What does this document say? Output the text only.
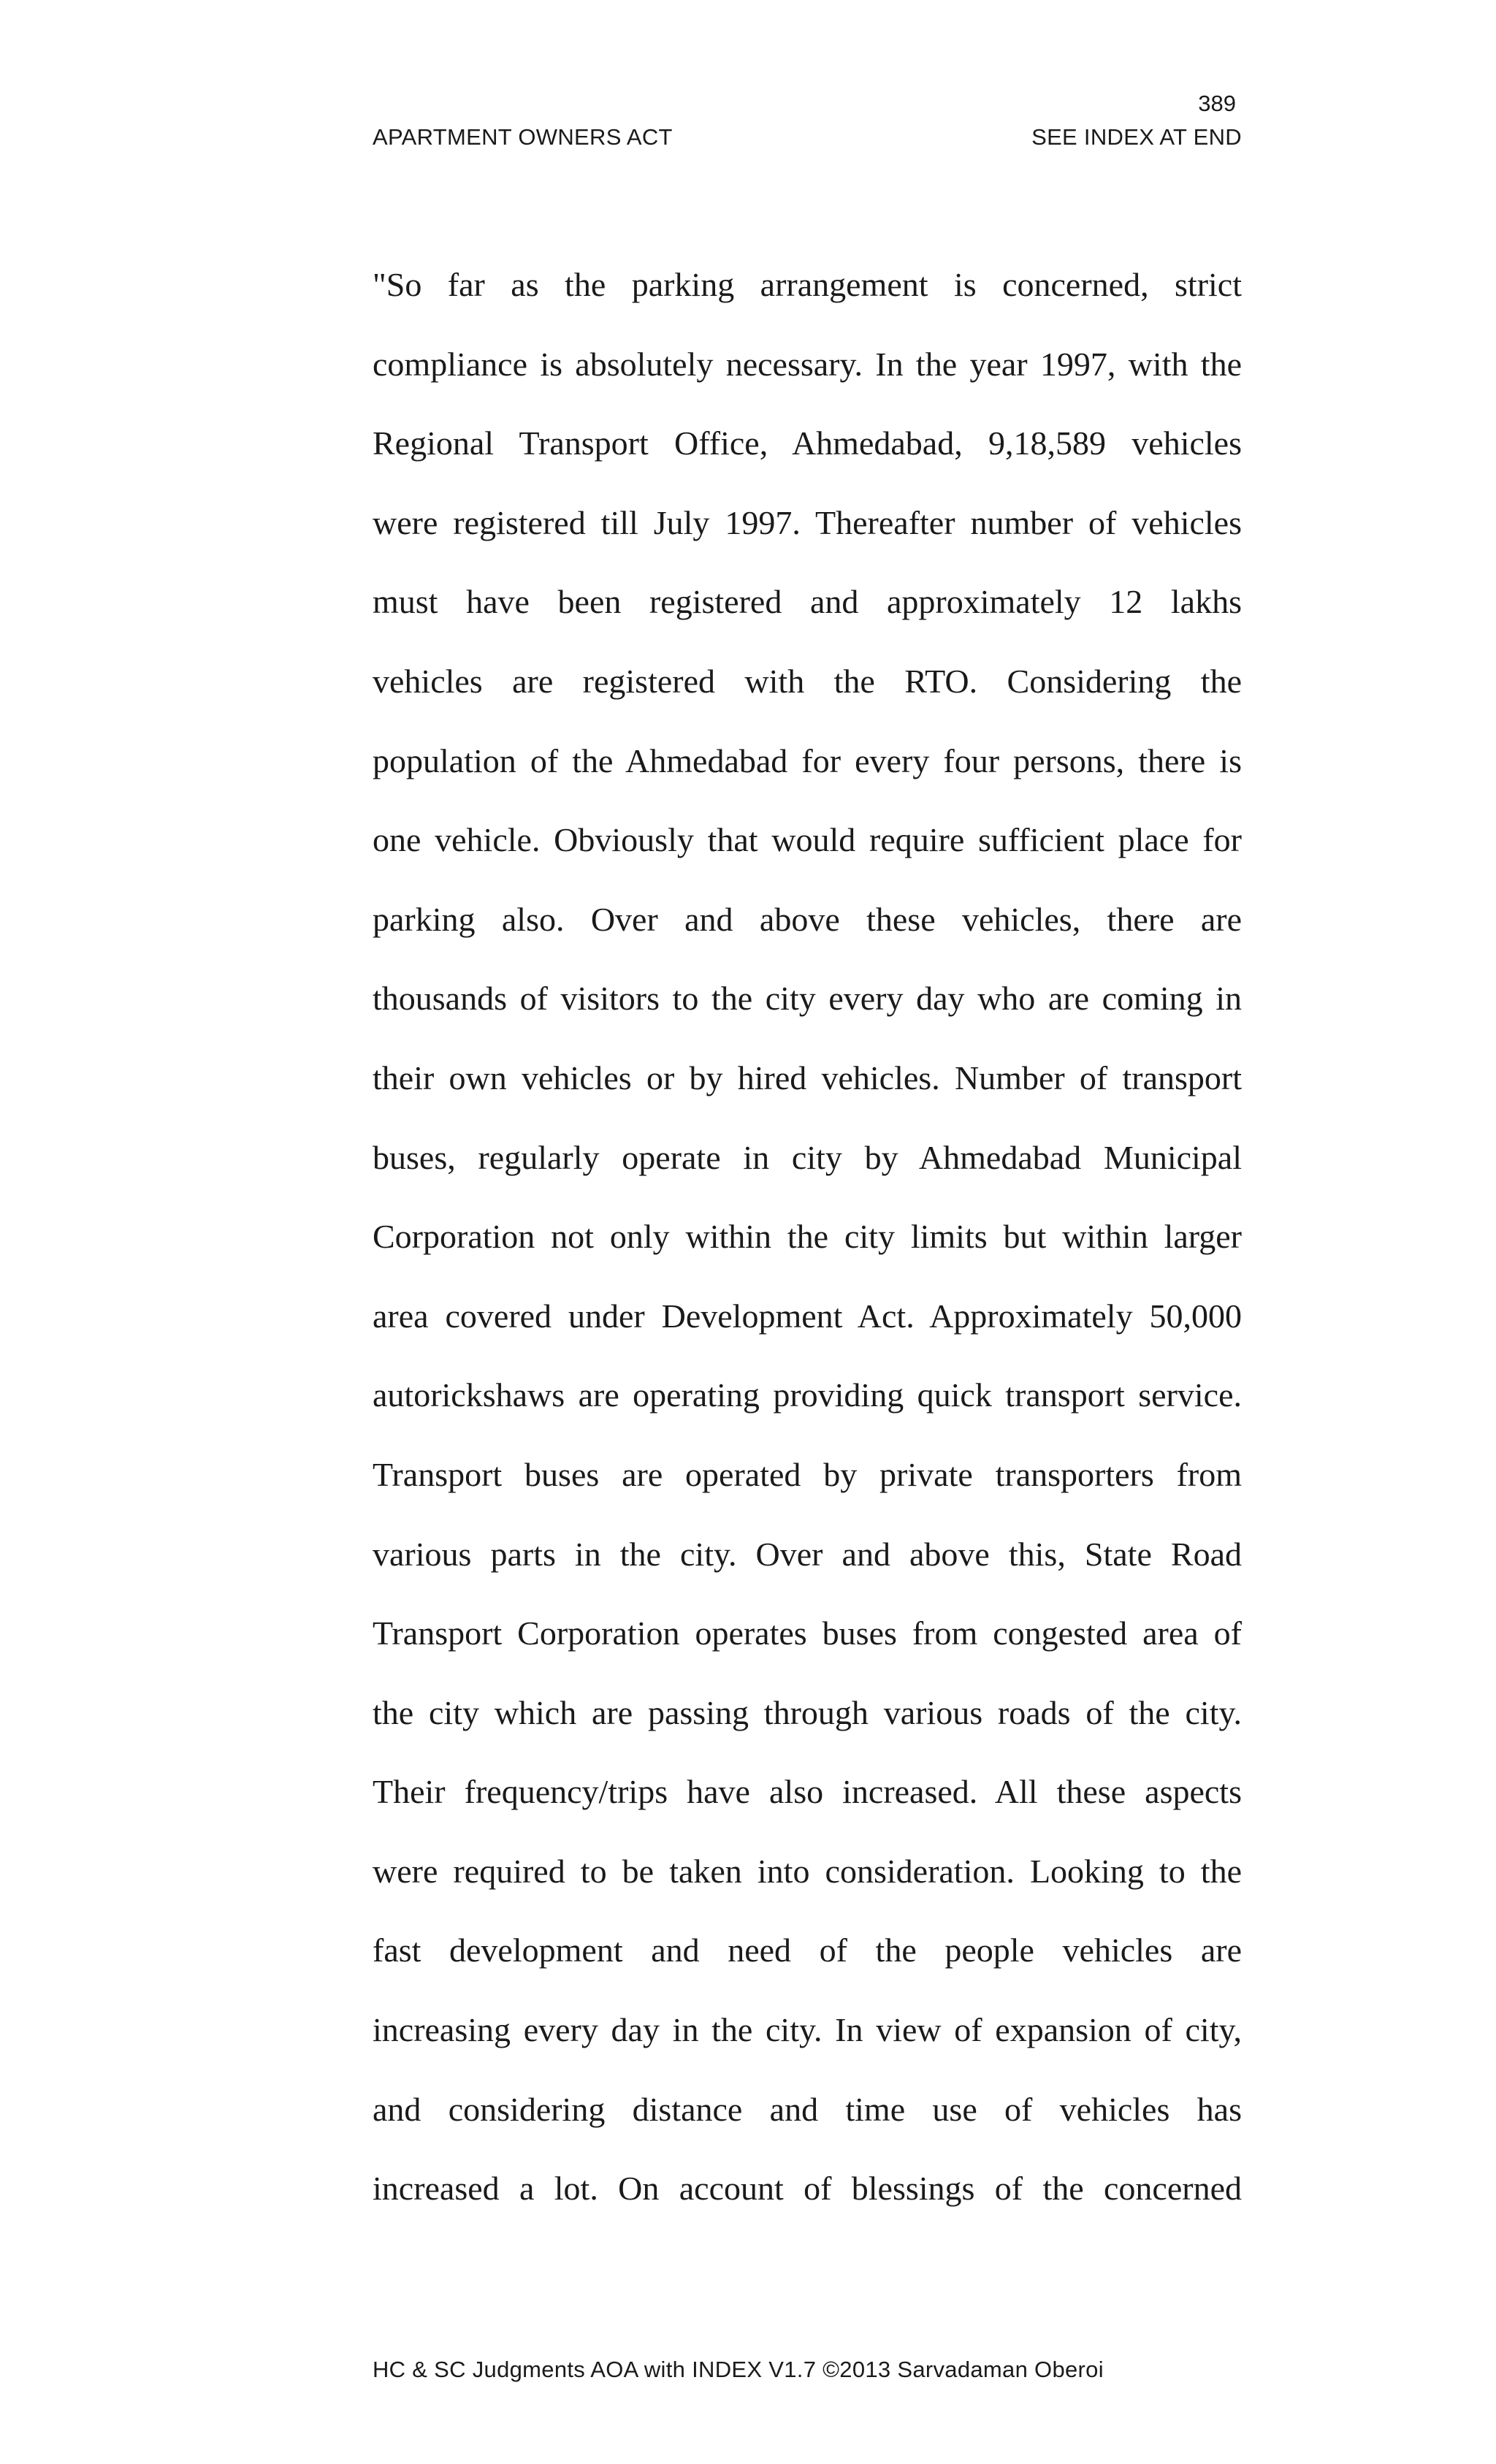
389
APARTMENT OWNERS ACT	SEE INDEX AT END
"So far as the parking arrangement is concerned, strict
compliance is absolutely necessary. In the year 1997, with the
Regional Transport Office, Ahmedabad, 9,18,589 vehicles
were registered till July 1997. Thereafter number of vehicles
must have been registered and approximately 12 lakhs
vehicles are registered with the RTO. Considering the
population of the Ahmedabad for every four persons, there is
one vehicle. Obviously that would require sufficient place for
parking also. Over and above these vehicles, there are
thousands of visitors to the city every day who are coming in
their own vehicles or by hired vehicles. Number of transport
buses, regularly operate in city by Ahmedabad Municipal
Corporation not only within the city limits but within larger
area covered under Development Act. Approximately 50,000
autorickshaws are operating providing quick transport service.
Transport buses are operated by private transporters from
various parts in the city. Over and above this, State Road
Transport Corporation operates buses from congested area of
the city which are passing through various roads of the city.
Their frequency/trips have also increased. All these aspects
were required to be taken into consideration. Looking to the
fast development and need of the people vehicles are
increasing every day in the city. In view of expansion of city,
and considering distance and time use of vehicles has
increased a lot. On account of blessings of the concerned
HC & SC Judgments AOA with INDEX V1.7 ©2013 Sarvadaman Oberoi
